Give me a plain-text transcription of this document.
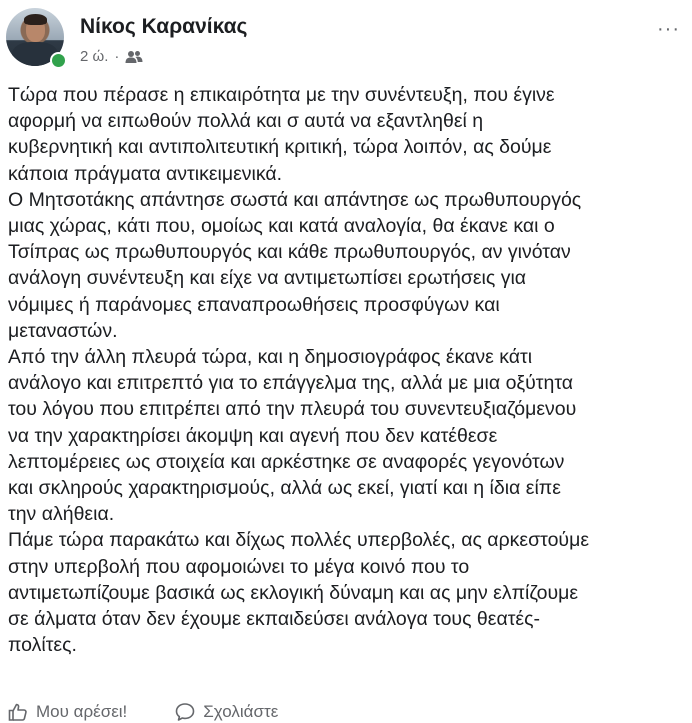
Νίκος Καρανίκας
2 ώ. ·
···

Τώρα που πέρασε η επικαιρότητα με την συνέντευξη, που έγινε
αφορμή να ειπωθούν πολλά και σ αυτά να εξαντληθεί η
κυβερνητική και αντιπολιτευτική κριτική, τώρα λοιπόν, ας δούμε
κάποια πράγματα αντικειμενικά.

Ο Μητσοτάκης απάντησε σωστά και απάντησε ως πρωθυπουργός
μιας χώρας, κάτι που, ομοίως και κατά αναλογία, θα έκανε και ο
Τσίπρας ως πρωθυπουργός και κάθε πρωθυπουργός, αν γινόταν
ανάλογη συνέντευξη και είχε να αντιμετωπίσει ερωτήσεις για
νόμιμες ή παράνομες επαναπροωθήσεις προσφύγων και
μεταναστών.

Από την άλλη πλευρά τώρα, και η δημοσιογράφος έκανε κάτι
ανάλογο και επιτρεπτό για το επάγγελμα της, αλλά με μια οξύτητα
του λόγου που επιτρέπει από την πλευρά του συνεντευξιαζόμενου
να την χαρακτηρίσει άκομψη και αγενή που δεν κατέθεσε
λεπτομέρειες ως στοιχεία και αρκέστηκε σε αναφορές γεγονότων
και σκληρούς χαρακτηρισμούς, αλλά ως εκεί, γιατί και η ίδια είπε
την αλήθεια.

Πάμε τώρα παρακάτω και δίχως πολλές υπερβολές, ας αρκεστούμε
στην υπερβολή που αφομοιώνει το μέγα κοινό που το
αντιμετωπίζουμε βασικά ως εκλογική δύναμη και ας μην ελπίζουμε
σε άλματα όταν δεν έχουμε εκπαιδεύσει ανάλογα τους θεατές-
πολίτες.

Μου αρέσει!	Σχολιάστε
